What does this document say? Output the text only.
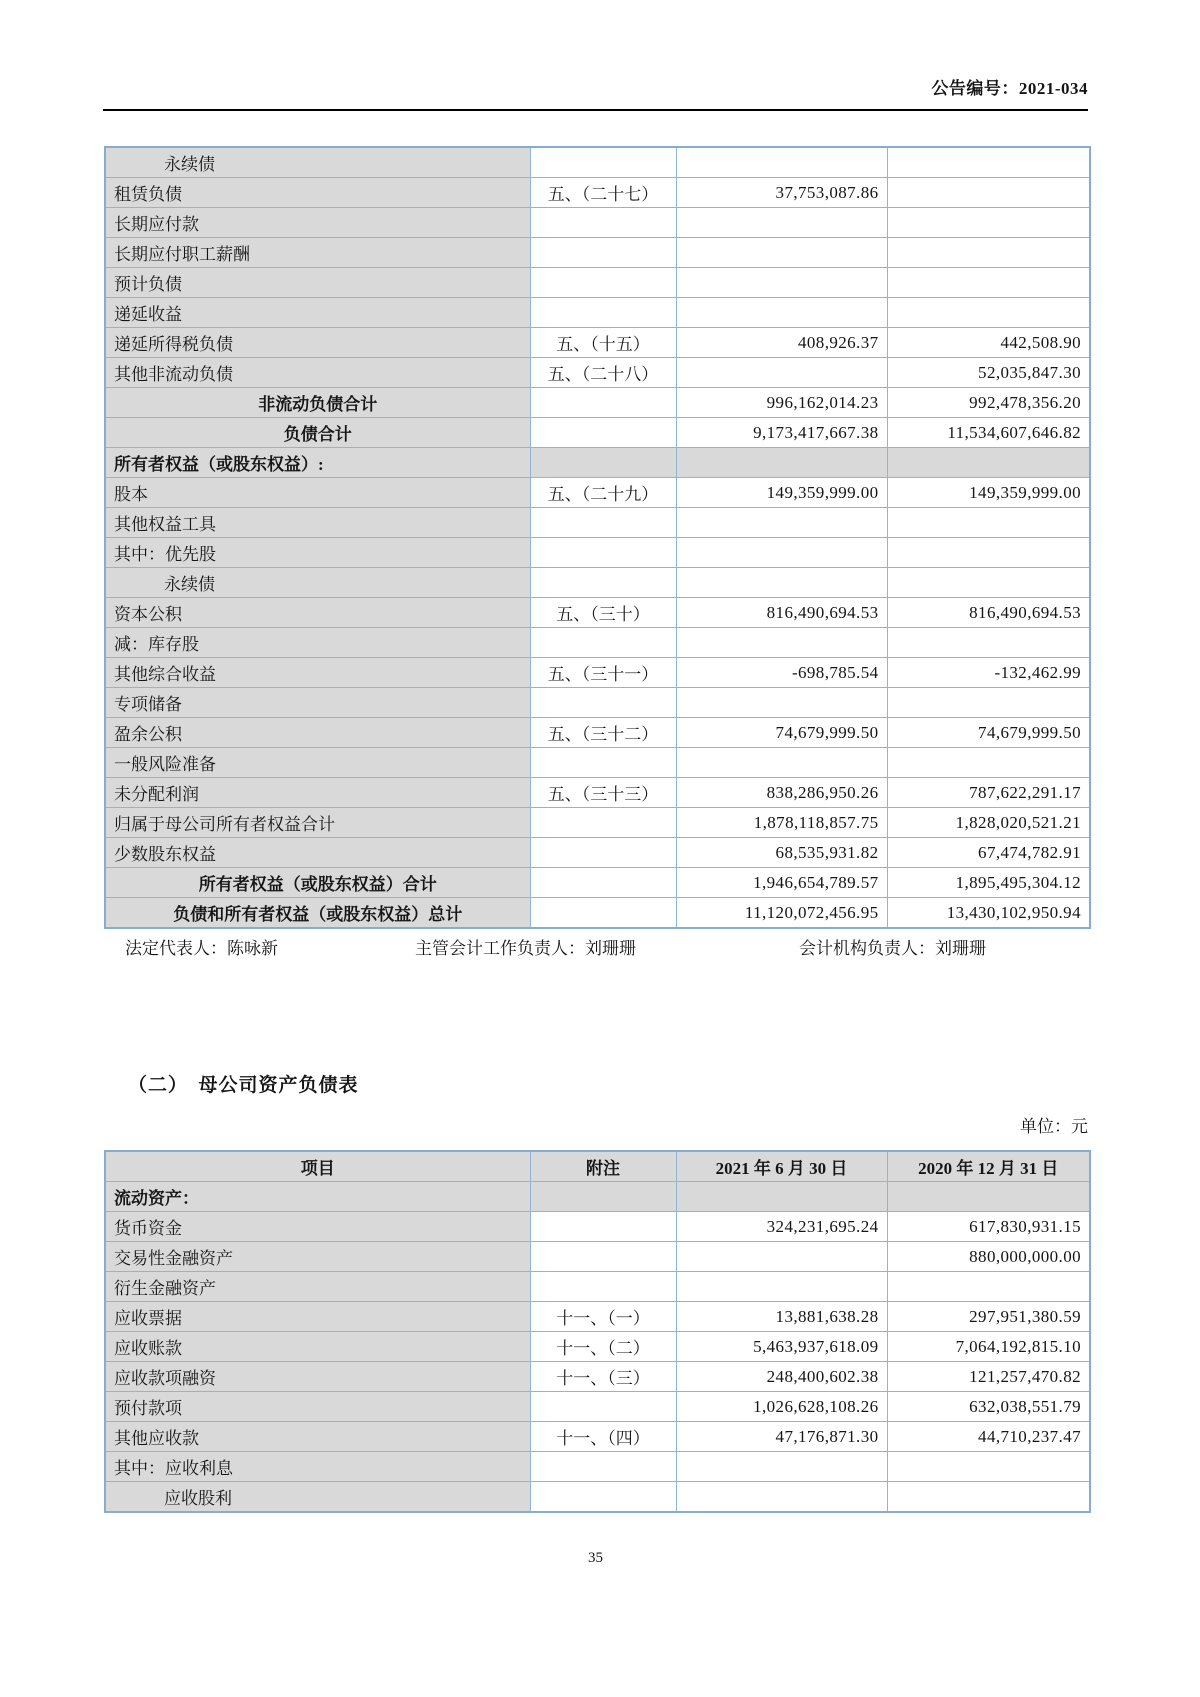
公告编号：2021-034
永续债			
租赁负债	五、（二十七）	37,753,087.86	
长期应付款			
长期应付职工薪酬			
预计负债			
递延收益			
递延所得税负债	五、（十五）	408,926.37	442,508.90
其他非流动负债	五、（二十八）		52,035,847.30
非流动负债合计		996,162,014.23	992,478,356.20
负债合计		9,173,417,667.38	11,534,607,646.82
所有者权益（或股东权益）:			
股本	五、（二十九）	149,359,999.00	149,359,999.00
其他权益工具			
其中：优先股			
永续债			
资本公积	五、（三十）	816,490,694.53	816,490,694.53
减：库存股			
其他综合收益	五、（三十一）	-698,785.54	-132,462.99
专项储备			
盈余公积	五、（三十二）	74,679,999.50	74,679,999.50
一般风险准备			
未分配利润	五、（三十三）	838,286,950.26	787,622,291.17
归属于母公司所有者权益合计		1,878,118,857.75	1,828,020,521.21
少数股东权益		68,535,931.82	67,474,782.91
所有者权益（或股东权益）合计		1,946,654,789.57	1,895,495,304.12
负债和所有者权益（或股东权益）总计		11,120,072,456.95	13,430,102,950.94
法定代表人：陈咏新	主管会计工作负责人：刘珊珊	会计机构负责人：刘珊珊
（二）　母公司资产负债表
单位：元
项目	附注	2021 年 6 月 30 日	2020 年 12 月 31 日
流动资产：			
货币资金		324,231,695.24	617,830,931.15
交易性金融资产			880,000,000.00
衍生金融资产			
应收票据	十一、（一）	13,881,638.28	297,951,380.59
应收账款	十一、（二）	5,463,937,618.09	7,064,192,815.10
应收款项融资	十一、（三）	248,400,602.38	121,257,470.82
预付款项		1,026,628,108.26	632,038,551.79
其他应收款	十一、（四）	47,176,871.30	44,710,237.47
其中：应收利息			
应收股利			
35
